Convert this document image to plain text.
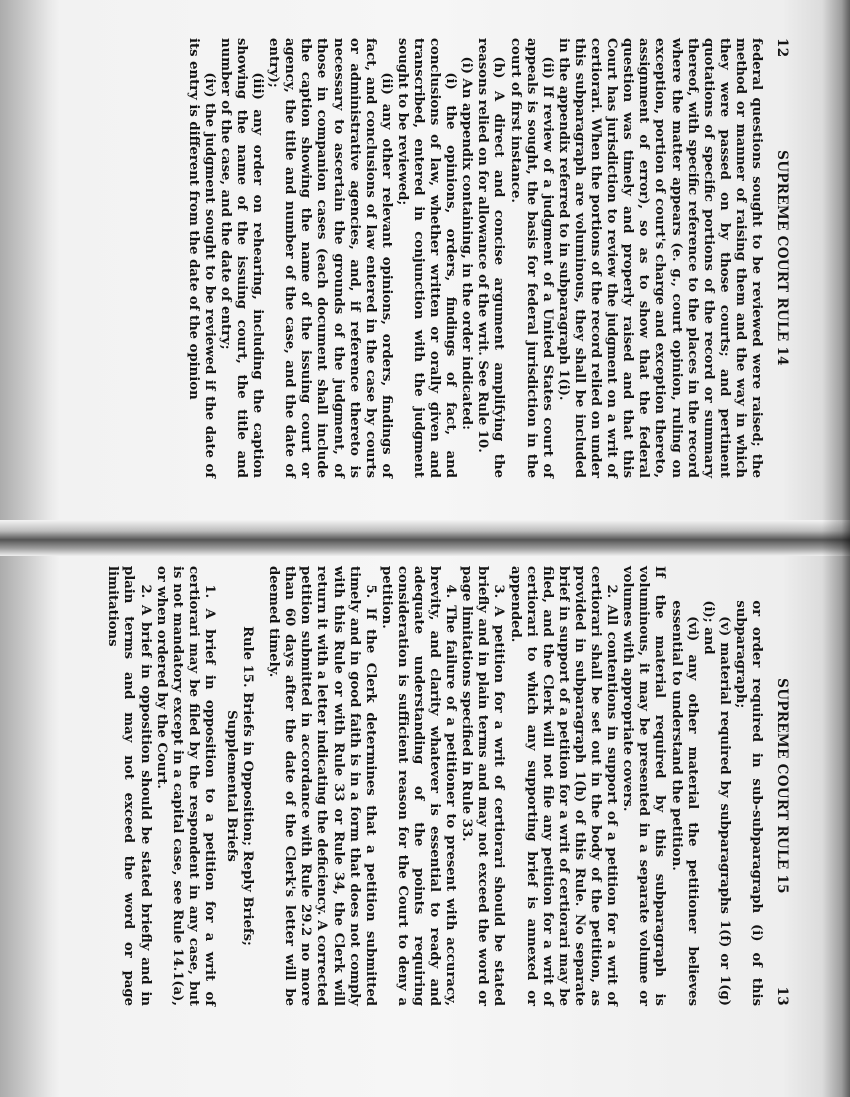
12
SUPREME COURT RULE 14

federal questions sought to be reviewed were raised; the method or manner of raising them and the way in which they were passed on by those courts; and pertinent quotations of specific portions of the record or summary thereof, with specific reference to the places in the record where the matter appears (e. g., court opinion, ruling on exception, portion of court's charge and exception thereto, assignment of error), so as to show that the federal question was timely and properly raised and that this Court has jurisdiction to review the judgment on a writ of certiorari. When the portions of the record relied on under this subparagraph are voluminous, they shall be included in the appendix referred to in subparagraph 1(i).

(ii) If review of a judgment of a United States court of appeals is sought, the basis for federal jurisdiction in the court of first instance.

(h) A direct and concise argument amplifying the reasons relied on for allowance of the writ. See Rule 10.

(i) An appendix containing, in the order indicated:

(i) the opinions, orders, findings of fact, and conclusions of law, whether written or orally given and transcribed, entered in conjunction with the judgment sought to be reviewed;

(ii) any other relevant opinions, orders, findings of fact, and conclusions of law entered in the case by courts or administrative agencies, and, if reference thereto is necessary to ascertain the grounds of the judgment, of those in companion cases (each document shall include the caption showing the name of the issuing court or agency, the title and number of the case, and the date of entry);

(iii) any order on rehearing, including the caption showing the name of the issuing court, the title and number of the case, and the date of entry;

(iv) the judgment sought to be reviewed if the date of its entry is different from the date of the opinion

SUPREME COURT RULE 15
13

or order required in sub-subparagraph (i) of this subparagraph;

(v) material required by subparagraphs 1(f) or 1(g)(i); and

(vi) any other material the petitioner believes essential to understand the petition.

If the material required by this subparagraph is voluminous, it may be presented in a separate volume or volumes with appropriate covers.

2. All contentions in support of a petition for a writ of certiorari shall be set out in the body of the petition, as provided in subparagraph 1(h) of this Rule. No separate brief in support of a petition for a writ of certiorari may be filed, and the Clerk will not file any petition for a writ of certiorari to which any supporting brief is annexed or appended.

3. A petition for a writ of certiorari should be stated briefly and in plain terms and may not exceed the word or page limitations specified in Rule 33.

4. The failure of a petitioner to present with accuracy, brevity, and clarity whatever is essential to ready and adequate understanding of the points requiring consideration is sufficient reason for the Court to deny a petition.

5. If the Clerk determines that a petition submitted timely and in good faith is in a form that does not comply with this Rule or with Rule 33 or Rule 34, the Clerk will return it with a letter indicating the deficiency. A corrected petition submitted in accordance with Rule 29.2 no more than 60 days after the date of the Clerk's letter will be deemed timely.

Rule 15. Briefs in Opposition; Reply Briefs;
Supplemental Briefs

1. A brief in opposition to a petition for a writ of certiorari may be filed by the respondent in any case, but is not mandatory except in a capital case, see Rule 14.1(a), or when ordered by the Court.

2. A brief in opposition should be stated briefly and in plain terms and may not exceed the word or page limitations
